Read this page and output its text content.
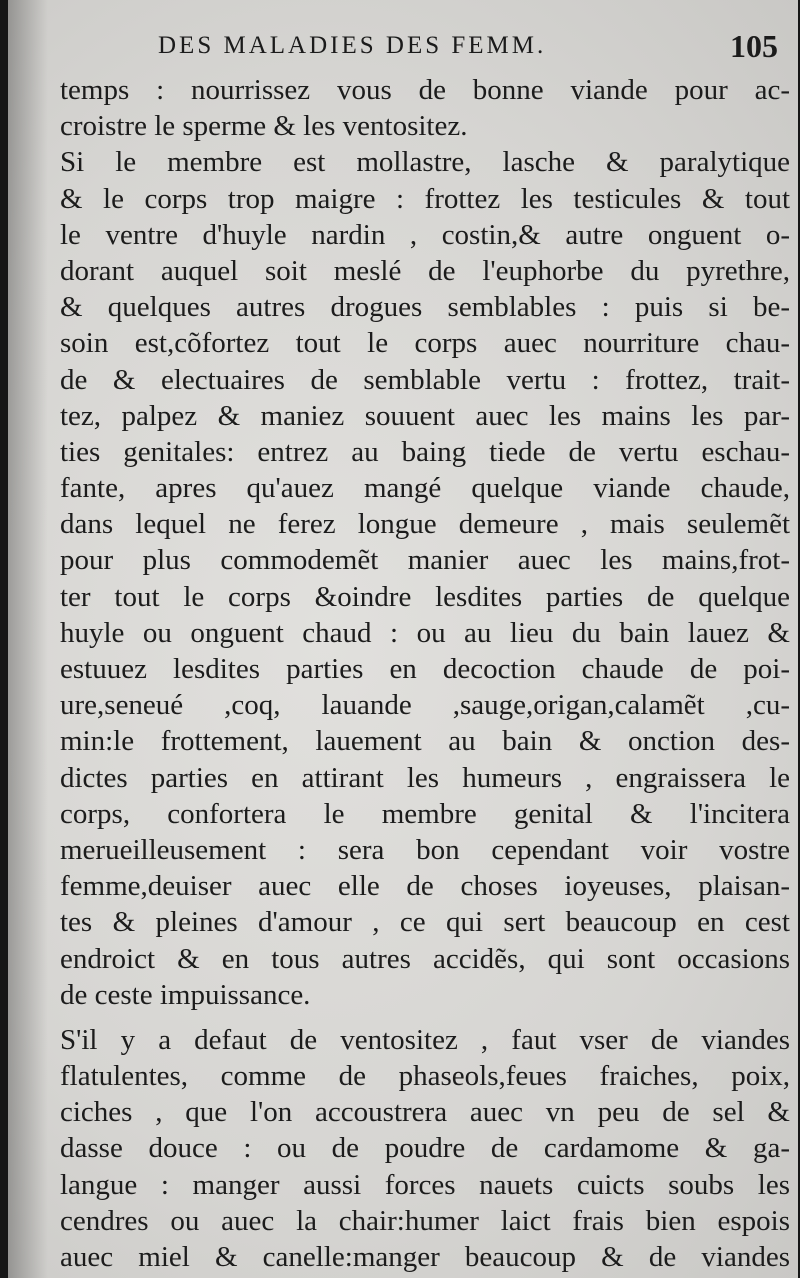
DES MALADIES DES FEMM.	105
temps : nourrissez vous de bonne viande pour ac-
croistre le sperme & les ventositez.
Si le membre est mollastre, lasche & paralytique
& le corps trop maigre : frottez les testicules & tout
le ventre d'huyle nardin , costin,& autre onguent o-
dorant auquel soit meslé de l'euphorbe du pyrethre,
& quelques autres drogues semblables : puis si be-
soin est,cõfortez tout le corps auec nourriture chau-
de & electuaires de semblable vertu : frottez, trait-
tez, palpez & maniez souuent auec les mains les par-
ties genitales: entrez au baing tiede de vertu eschau-
fante, apres qu'auez mangé quelque viande chaude,
dans lequel ne ferez longue demeure , mais seulemẽt
pour plus commodemẽt manier auec les mains,frot-
ter tout le corps &oindre lesdites parties de quelque
huyle ou onguent chaud : ou au lieu du bain lauez &
estuuez lesdites parties en decoction chaude de poi-
ure,seneué ,coq, lauande ,sauge,origan,calamẽt ,cu-
min:le frottement, lauement au bain & onction des-
dictes parties en attirant les humeurs , engraissera le
corps, confortera le membre genital & l'incitera
merueilleusement : sera bon cependant voir vostre
femme,deuiser auec elle de choses ioyeuses, plaisan-
tes & pleines d'amour , ce qui sert beaucoup en cest
endroict & en tous autres accidẽs, qui sont occasions
de ceste impuissance.
S'il y a defaut de ventositez , faut vser de viandes
flatulentes, comme de phaseols,feues fraiches, poix,
ciches , que l'on accoustrera auec vn peu de sel &
dasse douce : ou de poudre de cardamome & ga-
langue : manger aussi forces nauets cuicts soubs les
cendres ou auec la chair:humer laict frais bien espois
auec miel & canelle:manger beaucoup & de viandes
